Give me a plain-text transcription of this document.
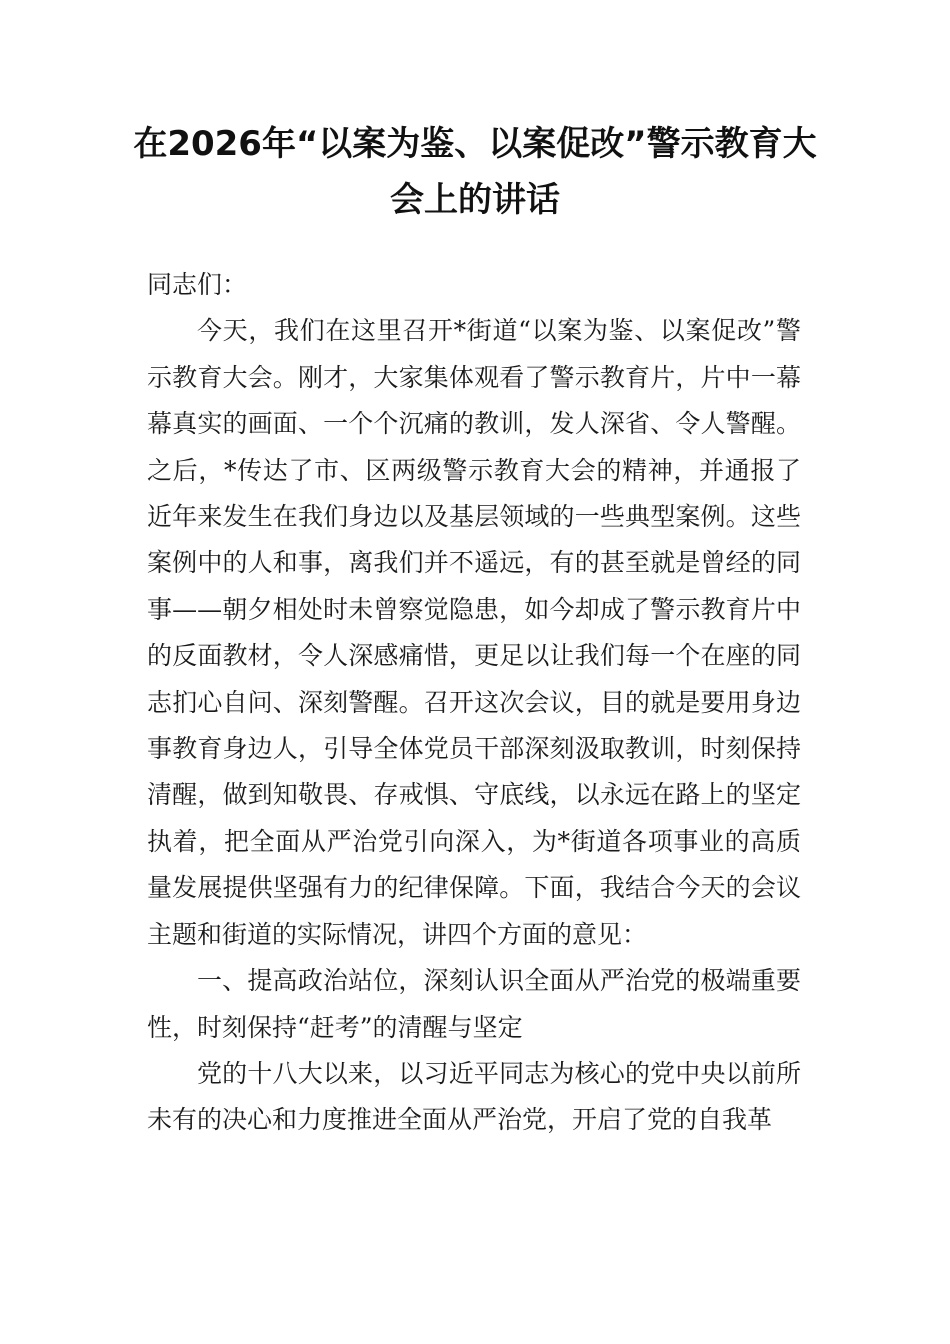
在2026年“以案为鉴、以案促改”警示教育大会上的讲话

同志们：

今天，我们在这里召开*街道“以案为鉴、以案促改”警示教育大会。刚才，大家集体观看了警示教育片，片中一幕幕真实的画面、一个个沉痛的教训，发人深省、令人警醒。之后，*传达了市、区两级警示教育大会的精神，并通报了近年来发生在我们身边以及基层领域的一些典型案例。这些案例中的人和事，离我们并不遥远，有的甚至就是曾经的同事——朝夕相处时未曾察觉隐患，如今却成了警示教育片中的反面教材，令人深感痛惜，更足以让我们每一个在座的同志扪心自问、深刻警醒。召开这次会议，目的就是要用身边事教育身边人，引导全体党员干部深刻汲取教训，时刻保持清醒，做到知敬畏、存戒惧、守底线，以永远在路上的坚定执着，把全面从严治党引向深入，为*街道各项事业的高质量发展提供坚强有力的纪律保障。下面，我结合今天的会议主题和街道的实际情况，讲四个方面的意见：

一、提高政治站位，深刻认识全面从严治党的极端重要性，时刻保持“赶考”的清醒与坚定

党的十八大以来，以习近平同志为核心的党中央以前所未有的决心和力度推进全面从严治党，开启了党的自我革
